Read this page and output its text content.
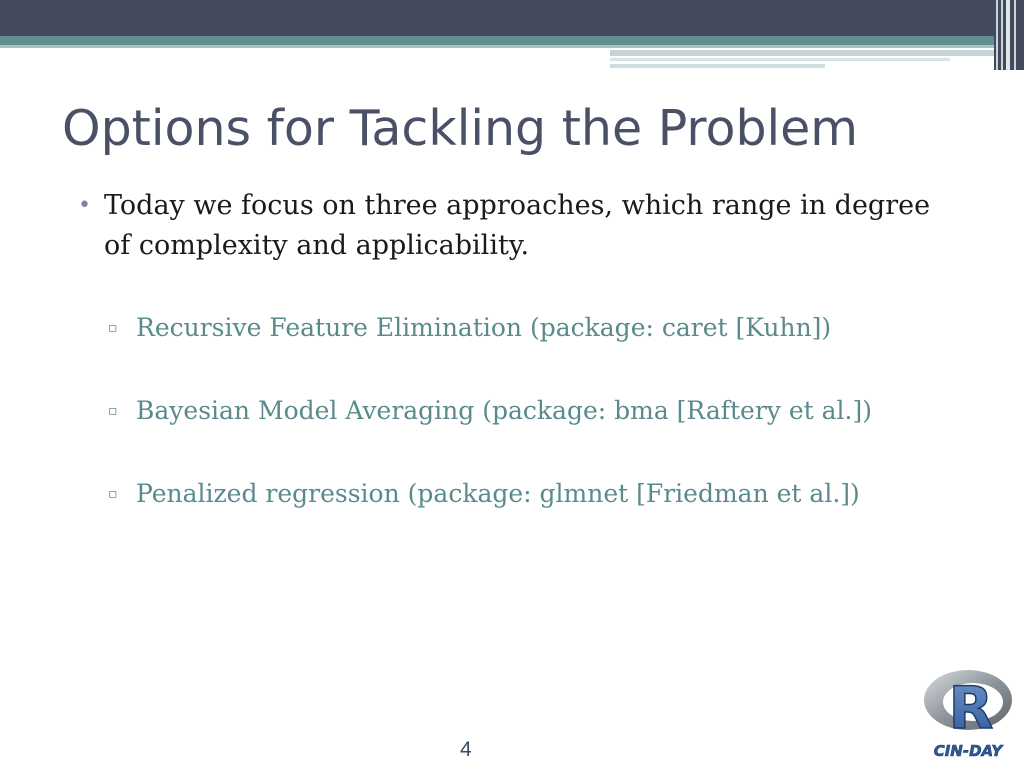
Options for Tackling the Problem
• Today we focus on three approaches, which range in degree of complexity and applicability.
▫ Recursive Feature Elimination (package: caret [Kuhn])
▫ Bayesian Model Averaging (package: bma [Raftery et al.])
▫ Penalized regression (package: glmnet [Friedman et al.])
4
R
CIN-DAY
